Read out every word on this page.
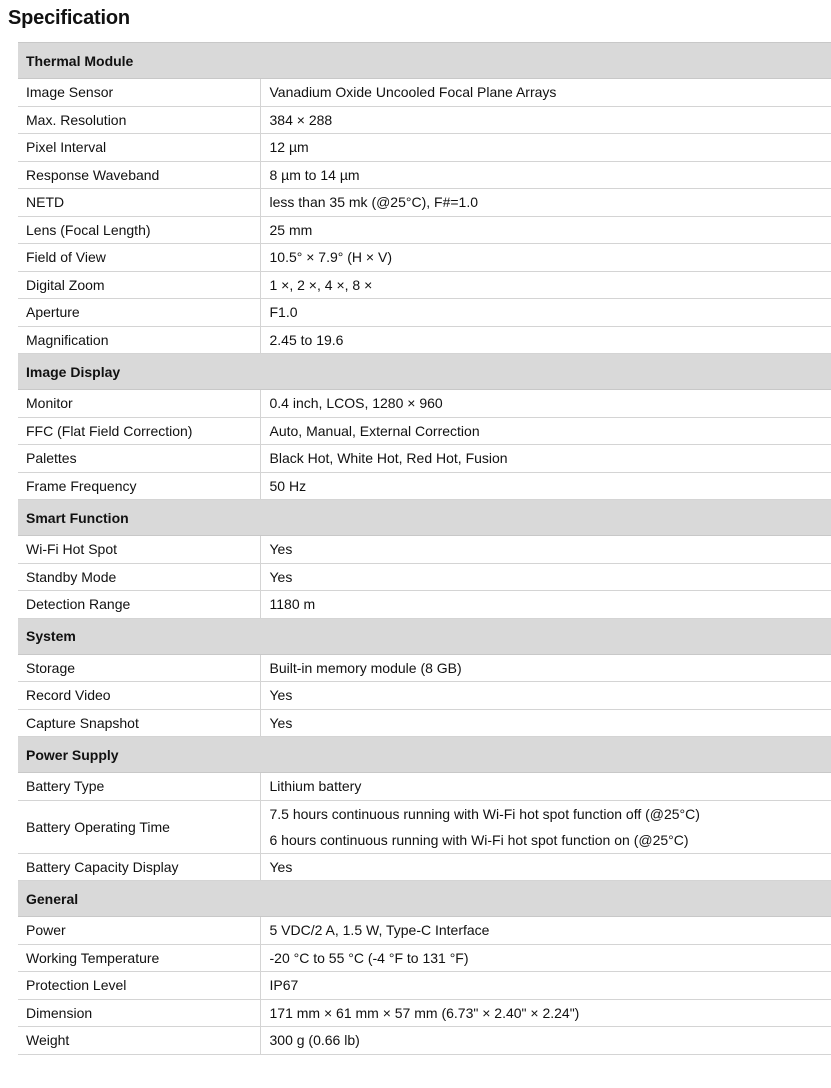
Specification
Thermal Module	
Image Sensor	Vanadium Oxide Uncooled Focal Plane Arrays
Max. Resolution	384 × 288
Pixel Interval	12 µm
Response Waveband	8 µm to 14 µm
NETD	less than 35 mk (@25°C), F#=1.0
Lens (Focal Length)	25 mm
Field of View	10.5° × 7.9° (H × V)
Digital Zoom	1 ×, 2 ×, 4 ×, 8 ×
Aperture	F1.0
Magnification	2.45 to 19.6
Image Display	
Monitor	0.4 inch, LCOS, 1280 × 960
FFC (Flat Field Correction)	Auto, Manual, External Correction
Palettes	Black Hot, White Hot, Red Hot, Fusion
Frame Frequency	50 Hz
Smart Function	
Wi-Fi Hot Spot	Yes
Standby Mode	Yes
Detection Range	1180 m
System	
Storage	Built-in memory module (8 GB)
Record Video	Yes
Capture Snapshot	Yes
Power Supply	
Battery Type	Lithium battery
Battery Operating Time	7.5 hours continuous running with Wi-Fi hot spot function off (@25°C)
6 hours continuous running with Wi-Fi hot spot function on (@25°C)

Battery Capacity Display	Yes
General	
Power	5 VDC/2 A, 1.5 W, Type-C Interface
Working Temperature	-20 °C to 55 °C (-4 °F to 131 °F)
Protection Level	IP67
Dimension	171 mm × 61 mm × 57 mm (6.73" × 2.40" × 2.24")
Weight	300 g (0.66 lb)
